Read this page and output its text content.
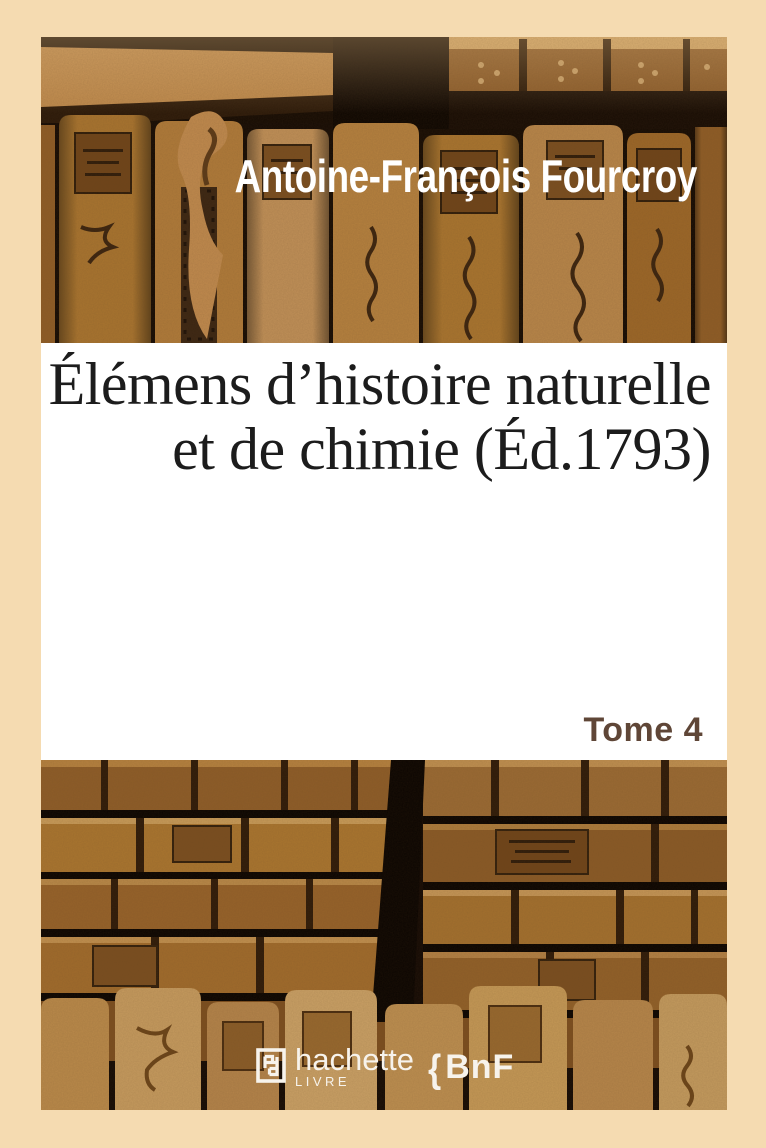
Antoine-François Fourcroy
Élémens d’histoire naturelle
et de chimie (Éd.1793)
Tome 4
hachette
LIVRE	{ BnF
